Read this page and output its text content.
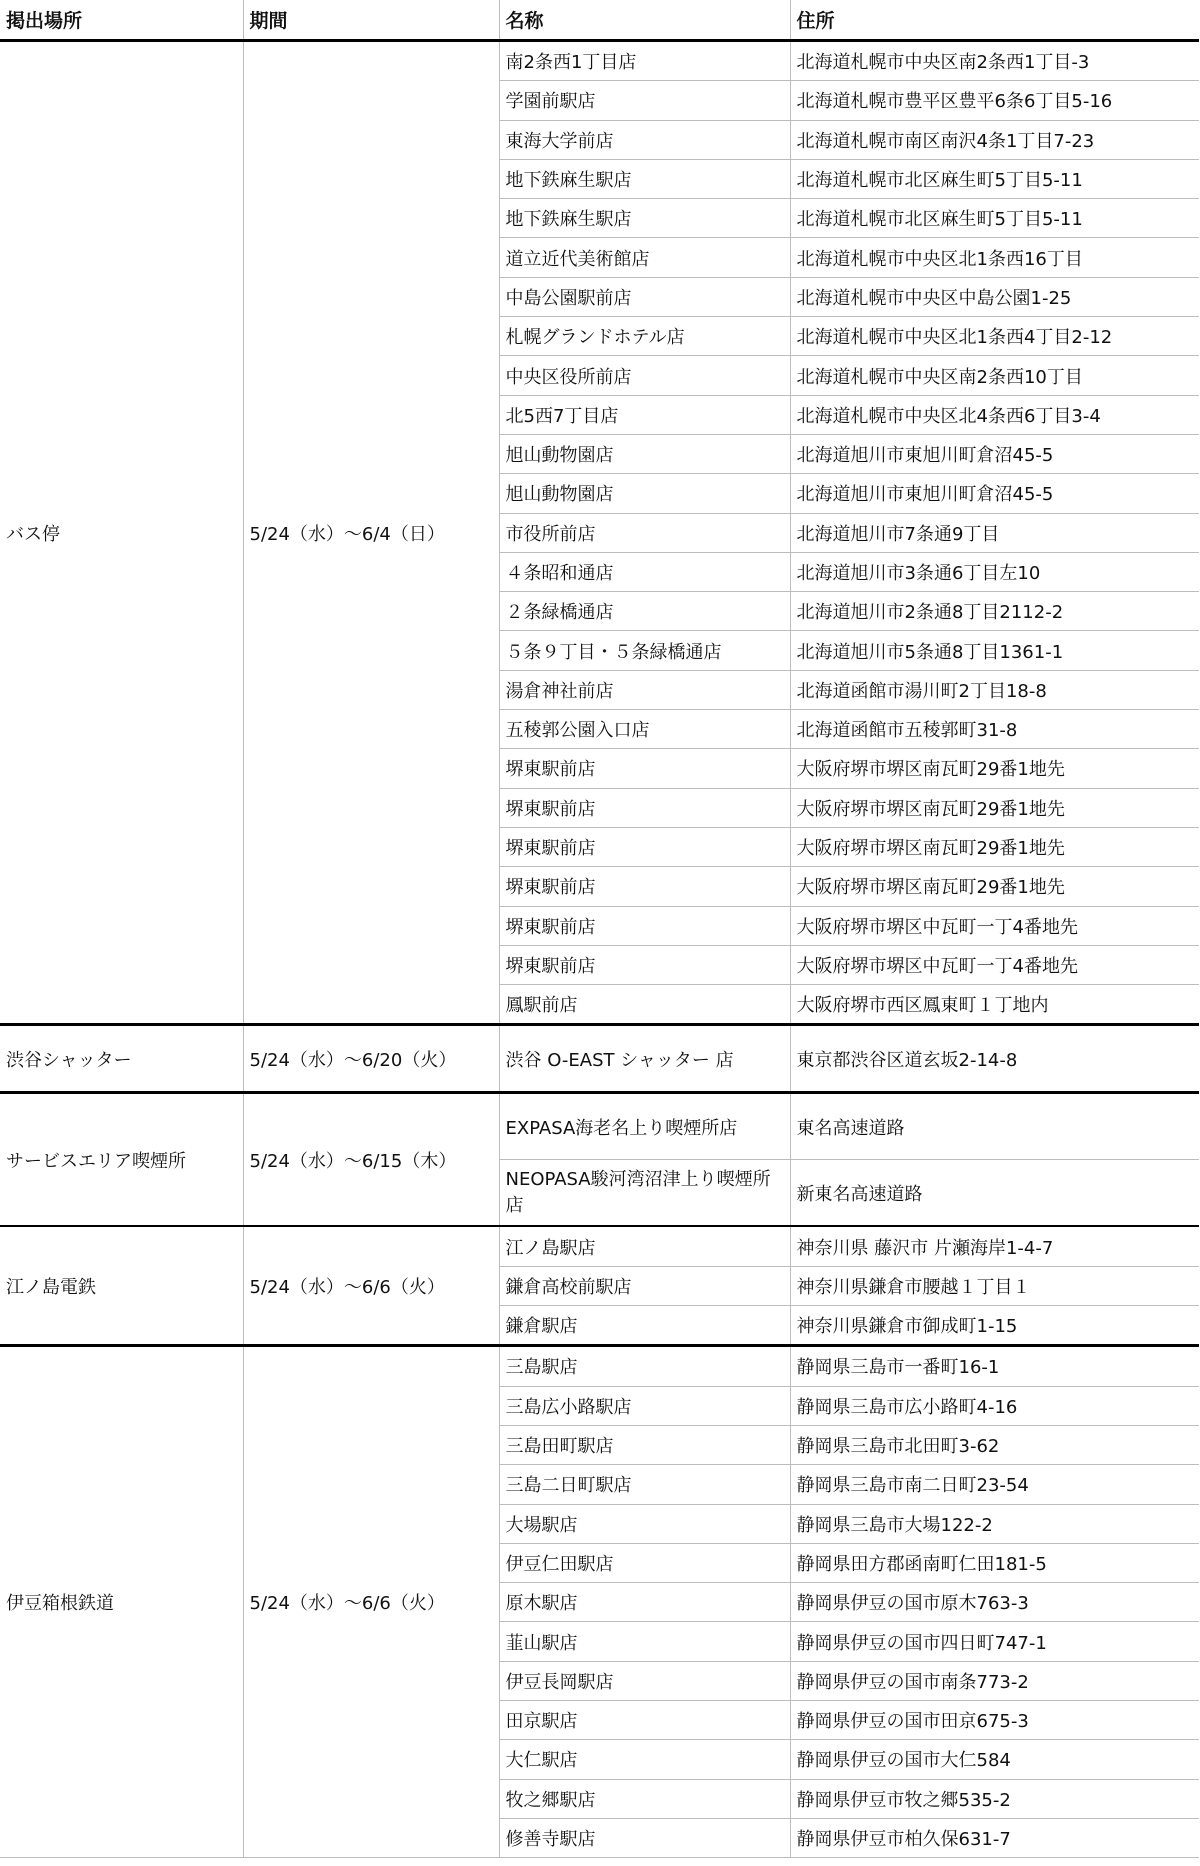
掲出場所	期間	名称	住所
バス停	5/24（水）～6/4（日）	南2条西1丁目店	北海道札幌市中央区南2条西1丁目-3
		学園前駅店	北海道札幌市豊平区豊平6条6丁目5-16
		東海大学前店	北海道札幌市南区南沢4条1丁目7-23
		地下鉄麻生駅店	北海道札幌市北区麻生町5丁目5-11
		地下鉄麻生駅店	北海道札幌市北区麻生町5丁目5-11
		道立近代美術館店	北海道札幌市中央区北1条西16丁目
		中島公園駅前店	北海道札幌市中央区中島公園1-25
		札幌グランドホテル店	北海道札幌市中央区北1条西4丁目2-12
		中央区役所前店	北海道札幌市中央区南2条西10丁目
		北5西7丁目店	北海道札幌市中央区北4条西6丁目3-4
		旭山動物園店	北海道旭川市東旭川町倉沼45-5
		旭山動物園店	北海道旭川市東旭川町倉沼45-5
		市役所前店	北海道旭川市7条通9丁目
		４条昭和通店	北海道旭川市3条通6丁目左10
		２条緑橋通店	北海道旭川市2条通8丁目2112-2
		５条９丁目・５条緑橋通店	北海道旭川市5条通8丁目1361-1
		湯倉神社前店	北海道函館市湯川町2丁目18-8
		五稜郭公園入口店	北海道函館市五稜郭町31-8
		堺東駅前店	大阪府堺市堺区南瓦町29番1地先
		堺東駅前店	大阪府堺市堺区南瓦町29番1地先
		堺東駅前店	大阪府堺市堺区南瓦町29番1地先
		堺東駅前店	大阪府堺市堺区南瓦町29番1地先
		堺東駅前店	大阪府堺市堺区中瓦町一丁4番地先
		堺東駅前店	大阪府堺市堺区中瓦町一丁4番地先
		鳳駅前店	大阪府堺市西区鳳東町１丁地内
渋谷シャッター	5/24（水）～6/20（火）	渋谷 O-EAST シャッター 店	東京都渋谷区道玄坂2-14-8
サービスエリア喫煙所	5/24（水）～6/15（木）	EXPASA海老名上り喫煙所店	東名高速道路
		NEOPASA駿河湾沼津上り喫煙所店	新東名高速道路
江ノ島電鉄	5/24（水）～6/6（火）	江ノ島駅店	神奈川県 藤沢市 片瀬海岸1-4-7
		鎌倉高校前駅店	神奈川県鎌倉市腰越１丁目１
		鎌倉駅店	神奈川県鎌倉市御成町1-15
伊豆箱根鉄道	5/24（水）～6/6（火）	三島駅店	静岡県三島市一番町16-1
		三島広小路駅店	静岡県三島市広小路町4-16
		三島田町駅店	静岡県三島市北田町3-62
		三島二日町駅店	静岡県三島市南二日町23-54
		大場駅店	静岡県三島市大場122-2
		伊豆仁田駅店	静岡県田方郡函南町仁田181-5
		原木駅店	静岡県伊豆の国市原木763-3
		韮山駅店	静岡県伊豆の国市四日町747-1
		伊豆長岡駅店	静岡県伊豆の国市南条773-2
		田京駅店	静岡県伊豆の国市田京675-3
		大仁駅店	静岡県伊豆の国市大仁584
		牧之郷駅店	静岡県伊豆市牧之郷535-2
		修善寺駅店	静岡県伊豆市柏久保631-7
